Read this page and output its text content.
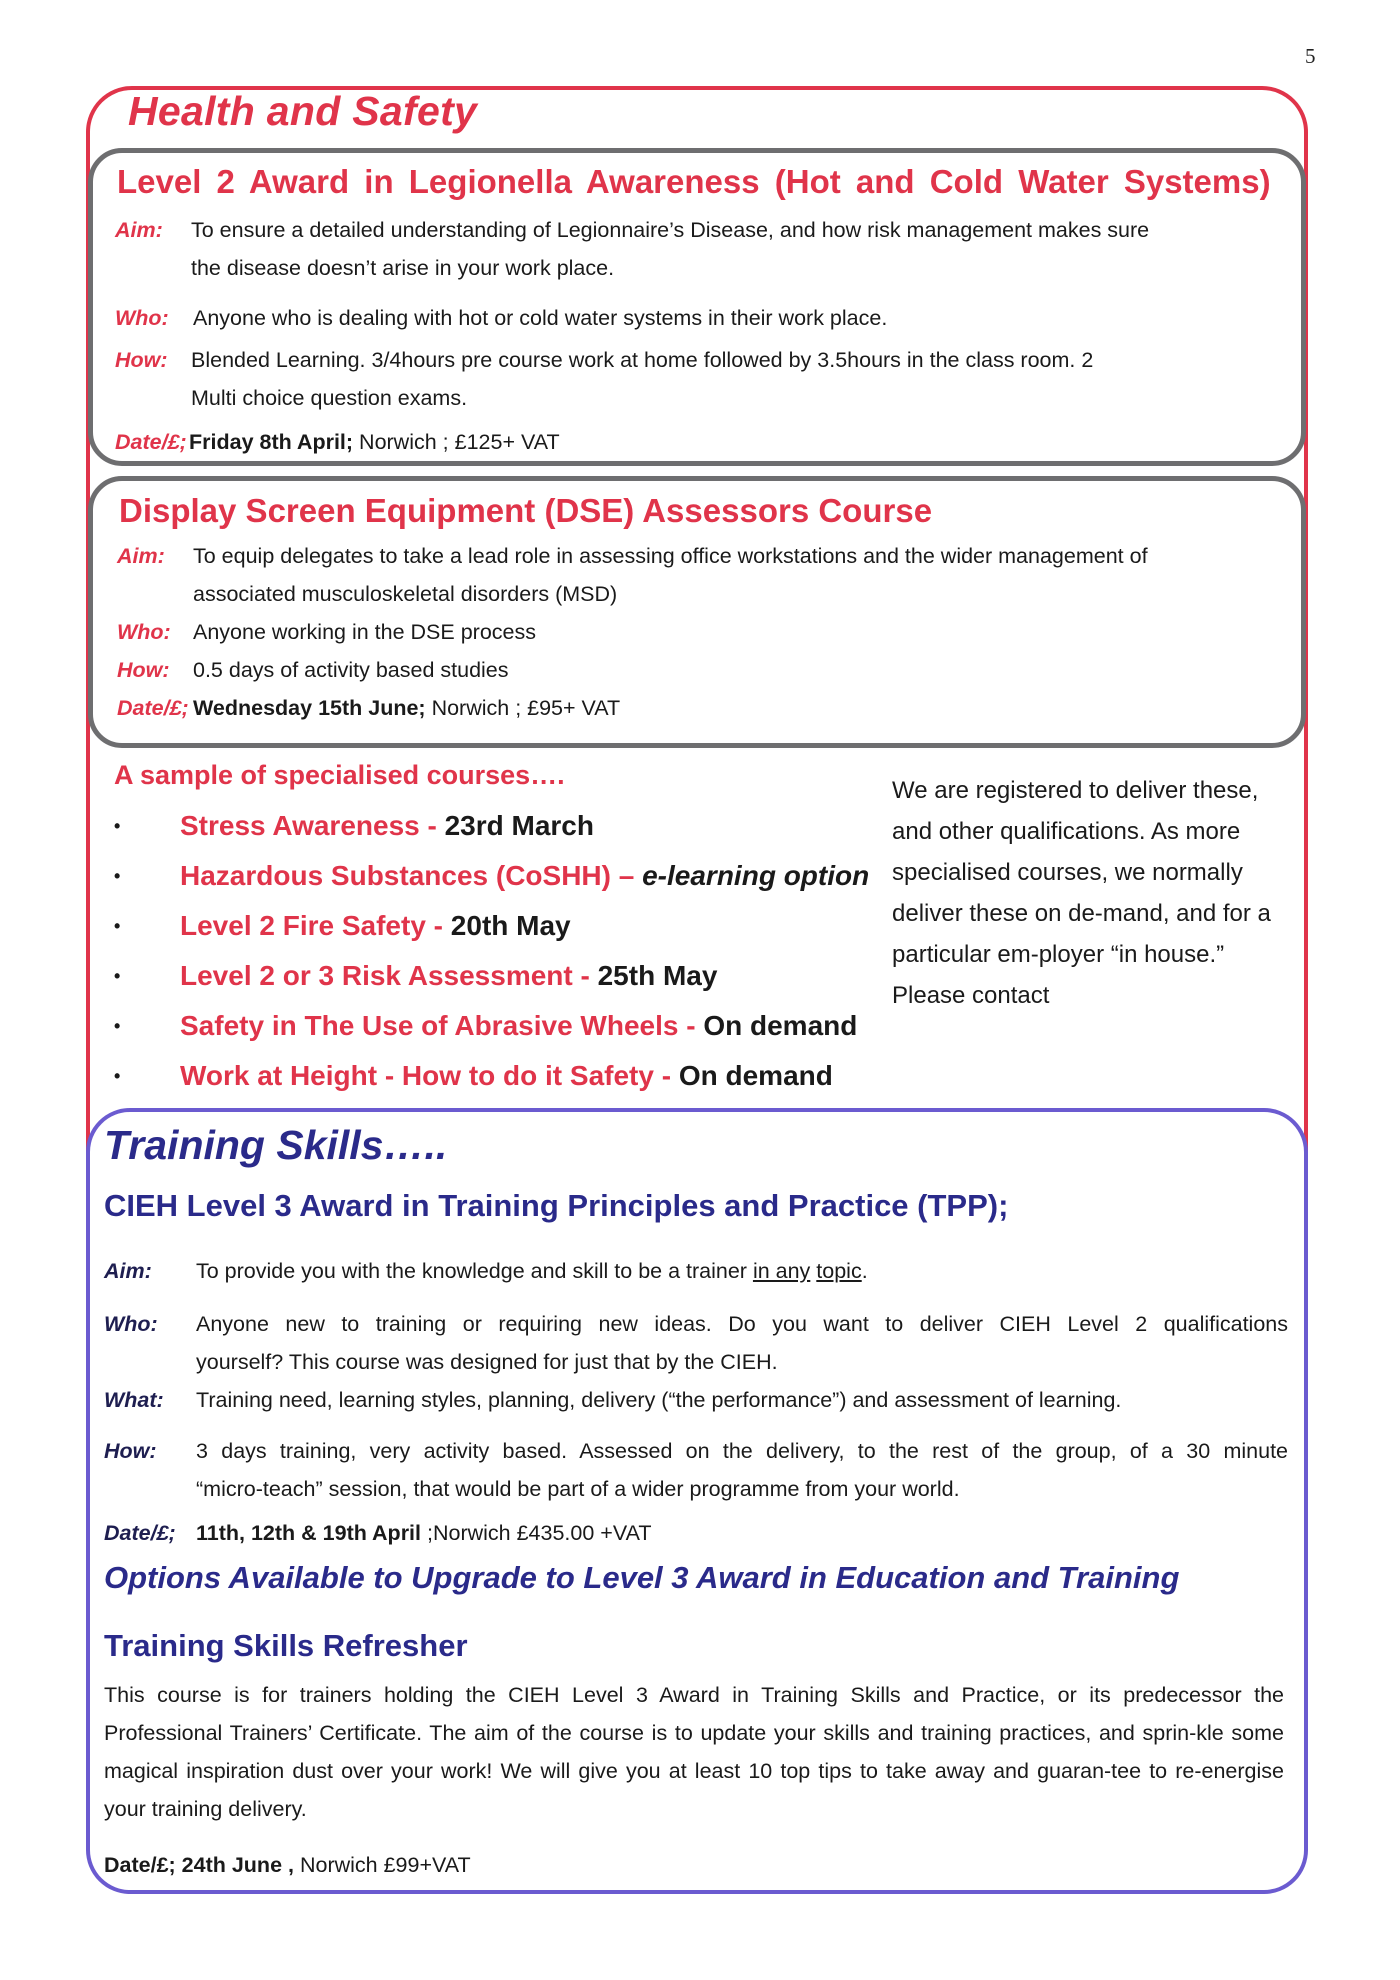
5
Health and Safety
Level 2 Award in Legionella Awareness (Hot and Cold Water Systems)
Aim: To ensure a detailed understanding of Legionnaire’s Disease, and how risk management makes sure
the disease doesn’t arise in your work place.
Who: Anyone who is dealing with hot or cold water systems in their work place.
How: Blended Learning. 3/4hours pre course work at home followed by 3.5hours in the class room. 2
Multi choice question exams.
Date/£; Friday 8th April; Norwich ; £125+ VAT
Display Screen Equipment (DSE) Assessors Course
Aim: To equip delegates to take a lead role in assessing office workstations and the wider management of
associated musculoskeletal disorders (MSD)
Who: Anyone working in the DSE process
How: 0.5 days of activity based studies
Date/£; Wednesday 15th June; Norwich ; £95+ VAT
A sample of specialised courses….
• Stress Awareness - 23rd March
• Hazardous Substances (CoSHH) – e-learning option
• Level 2 Fire Safety - 20th May
• Level 2 or 3 Risk Assessment - 25th May
• Safety in The Use of Abrasive Wheels - On demand
• Work at Height - How to do it Safety - On demand
We are registered to deliver these, and other qualifications. As more specialised courses, we normally deliver these on de-mand, and for a particular em-ployer “in house.” Please contact
Training Skills…..
CIEH Level 3 Award in Training Principles and Practice (TPP);
Aim: To provide you with the knowledge and skill to be a trainer in any topic.
Who: Anyone new to training or requiring new ideas. Do you want to deliver CIEH Level 2 qualifications
yourself? This course was designed for just that by the CIEH.
What: Training need, learning styles, planning, delivery (“the performance”) and assessment of learning.
How: 3 days training, very activity based. Assessed on the delivery, to the rest of the group, of a 30 minute
“micro-teach” session, that would be part of a wider programme from your world.
Date/£; 11th, 12th & 19th April ;Norwich £435.00 +VAT
Options Available to Upgrade to Level 3 Award in Education and Training
Training Skills Refresher
This course is for trainers holding the CIEH Level 3 Award in Training Skills and Practice, or its predecessor the Professional Trainers’ Certificate. The aim of the course is to update your skills and training practices, and sprin-kle some magical inspiration dust over your work! We will give you at least 10 top tips to take away and guaran-tee to re-energise your training delivery.
Date/£; 24th June , Norwich £99+VAT
